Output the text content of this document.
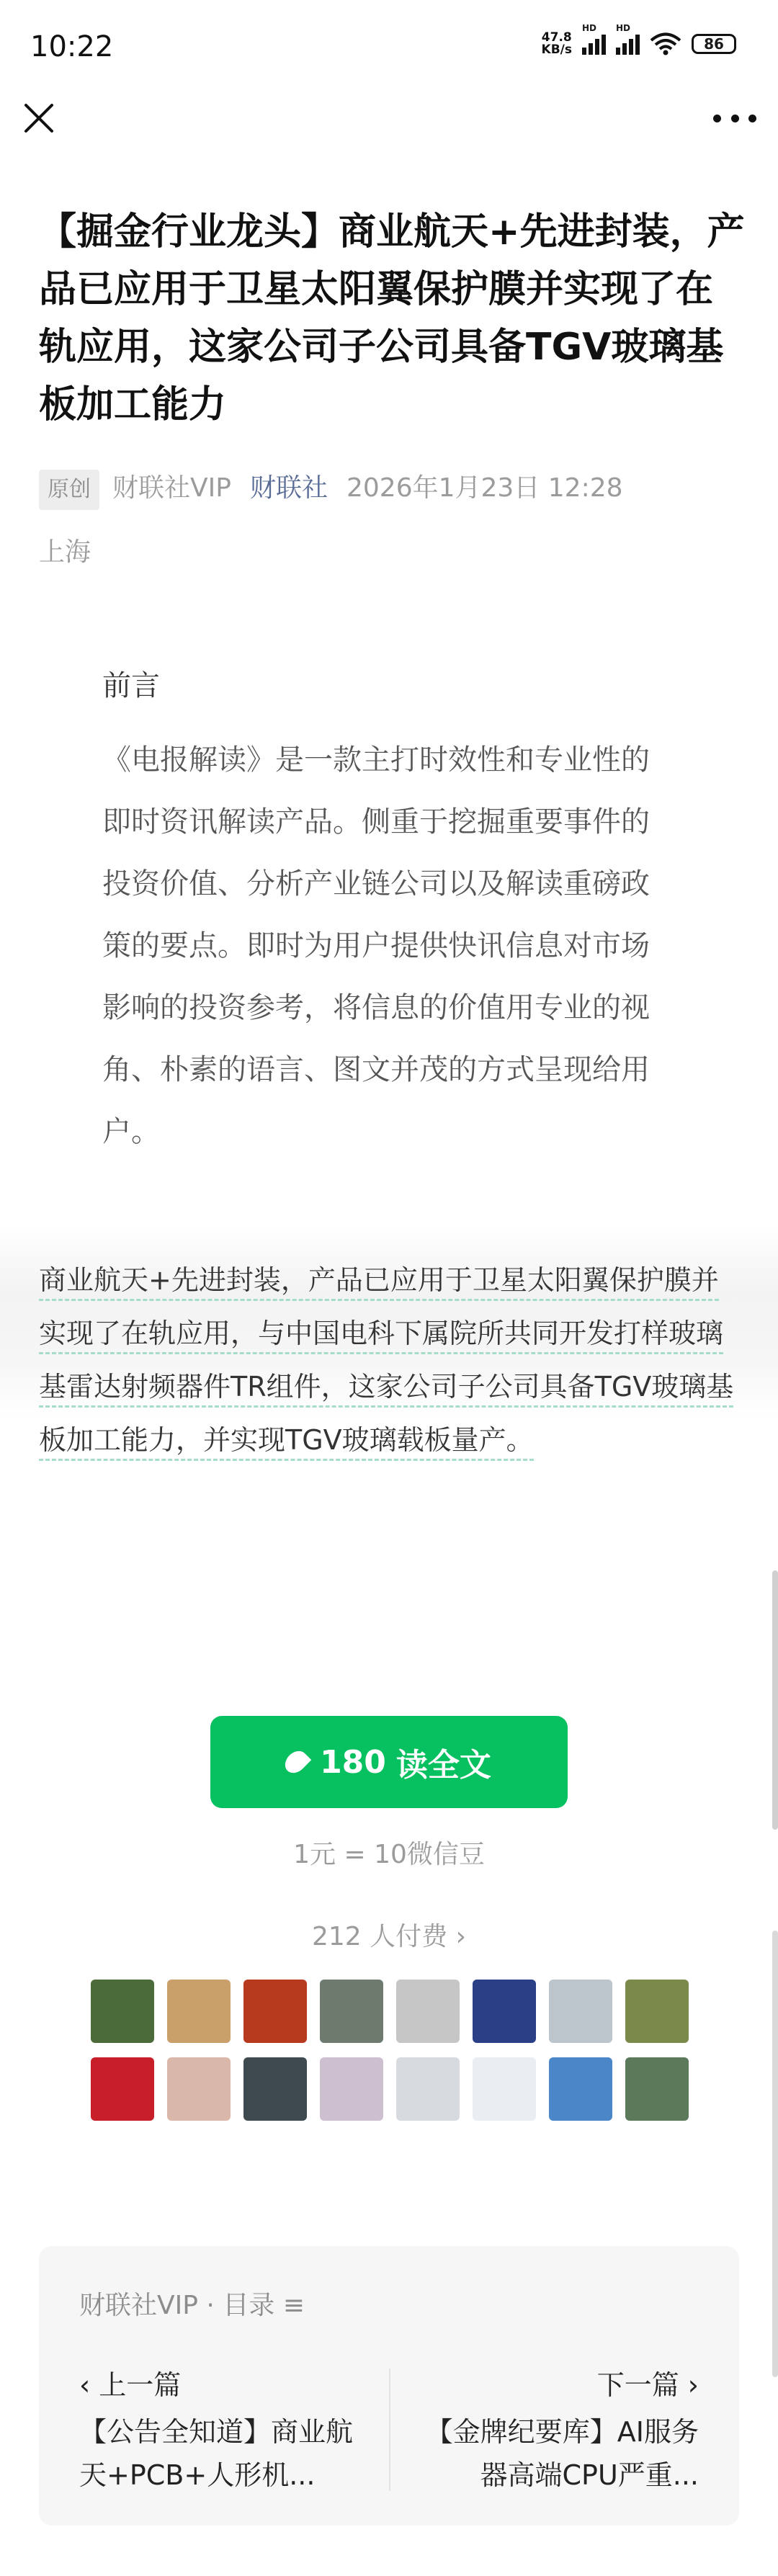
10:22	47.8
KB/s
HD HD
86
【掘金行业龙头】商业航天+先进封装，产品已应用于卫星太阳翼保护膜并实现了在轨应用，这家公司子公司具备TGV玻璃基板加工能力
原创 财联社VIP 财联社 2026年1月23日 12:28
上海
前言
《电报解读》是一款主打时效性和专业性的即时资讯解读产品。侧重于挖掘重要事件的投资价值、分析产业链公司以及解读重磅政策的要点。即时为用户提供快讯信息对市场影响的投资参考，将信息的价值用专业的视角、朴素的语言、图文并茂的方式呈现给用户。
商业航天+先进封装，产品已应用于卫星太阳翼保护膜并实现了在轨应用，与中国电科下属院所共同开发打样玻璃基雷达射频器件TR组件，这家公司子公司具备TGV玻璃基板加工能力，并实现TGV玻璃载板量产。
180 读全文
1元 = 10微信豆
212 人付费 ›
财联社VIP · 目录 ≡
‹ 上一篇	下一篇 ›
【公告全知道】商业航天+PCB+人形机...
【金牌纪要库】AI服务器高端CPU严重...
